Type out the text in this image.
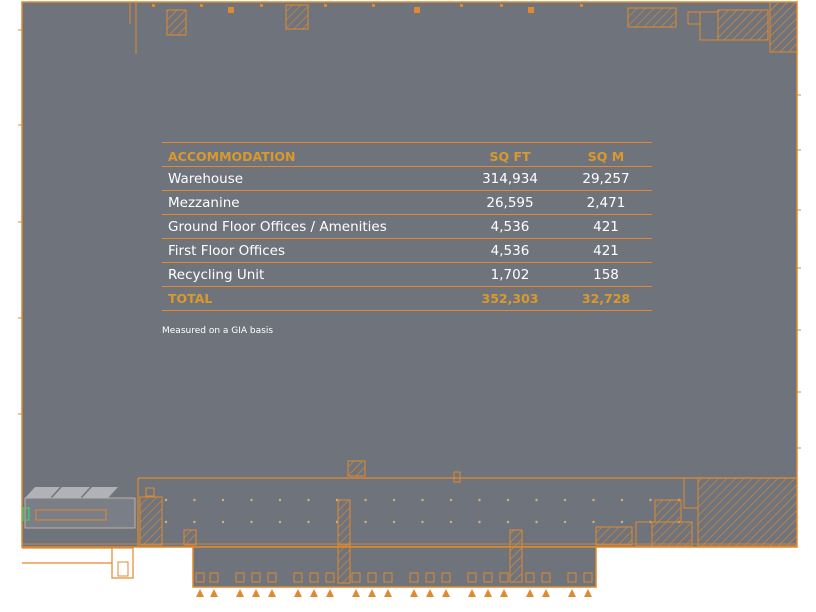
ACCOMMODATION	SQ FT	SQ M
Warehouse	314,934	29,257
Mezzanine	26,595	2,471
Ground Floor Offices / Amenities	4,536	421
First Floor Offices	4,536	421
Recycling Unit	1,702	158
TOTAL	352,303	32,728
Measured on a GIA basis
